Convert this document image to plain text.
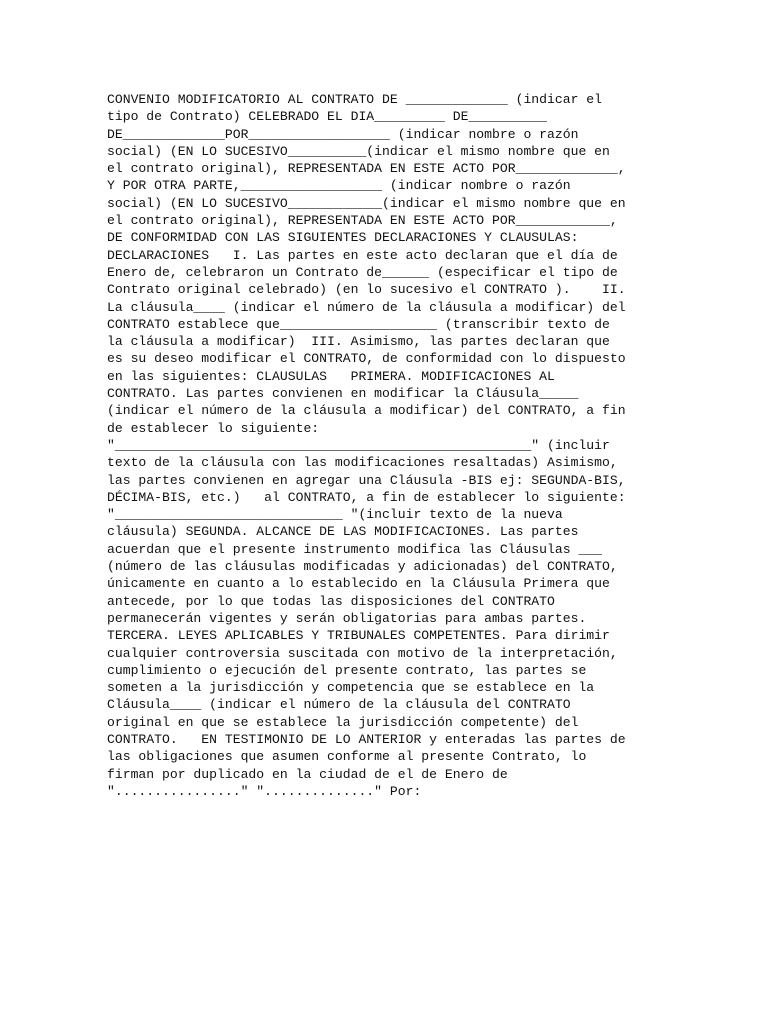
CONVENIO MODIFICATORIO AL CONTRATO DE _____________ (indicar el
tipo de Contrato) CELEBRADO EL DIA_________ DE__________
DE_____________POR__________________ (indicar nombre o razón
social) (EN LO SUCESIVO__________(indicar el mismo nombre que en
el contrato original), REPRESENTADA EN ESTE ACTO POR_____________,
Y POR OTRA PARTE,__________________ (indicar nombre o razón
social) (EN LO SUCESIVO____________(indicar el mismo nombre que en
el contrato original), REPRESENTADA EN ESTE ACTO POR____________,
DE CONFORMIDAD CON LAS SIGUIENTES DECLARACIONES Y CLAUSULAS:
DECLARACIONES   I. Las partes en este acto declaran que el día de
Enero de, celebraron un Contrato de______ (especificar el tipo de
Contrato original celebrado) (en lo sucesivo el CONTRATO ).    II.
La cláusula____ (indicar el número de la cláusula a modificar) del
CONTRATO establece que____________________ (transcribir texto de
la cláusula a modificar)  III. Asimismo, las partes declaran que
es su deseo modificar el CONTRATO, de conformidad con lo dispuesto
en las siguientes: CLAUSULAS   PRIMERA. MODIFICACIONES AL
CONTRATO. Las partes convienen en modificar la Cláusula_____
(indicar el número de la cláusula a modificar) del CONTRATO, a fin
de establecer lo siguiente:
"_____________________________________________________" (incluir
texto de la cláusula con las modificaciones resaltadas) Asimismo,
las partes convienen en agregar una Cláusula -BIS ej: SEGUNDA-BIS,
DÉCIMA-BIS, etc.)   al CONTRATO, a fin de establecer lo siguiente:
"_____________________________ "(incluir texto de la nueva
cláusula) SEGUNDA. ALCANCE DE LAS MODIFICACIONES. Las partes
acuerdan que el presente instrumento modifica las Cláusulas ___
(número de las cláusulas modificadas y adicionadas) del CONTRATO,
únicamente en cuanto a lo establecido en la Cláusula Primera que
antecede, por lo que todas las disposiciones del CONTRATO
permanecerán vigentes y serán obligatorias para ambas partes.
TERCERA. LEYES APLICABLES Y TRIBUNALES COMPETENTES. Para dirimir
cualquier controversia suscitada con motivo de la interpretación,
cumplimiento o ejecución del presente contrato, las partes se
someten a la jurisdicción y competencia que se establece en la
Cláusula____ (indicar el número de la cláusula del CONTRATO
original en que se establece la jurisdicción competente) del
CONTRATO.   EN TESTIMONIO DE LO ANTERIOR y enteradas las partes de
las obligaciones que asumen conforme al presente Contrato, lo
firman por duplicado en la ciudad de el de Enero de
"................" ".............." Por:
